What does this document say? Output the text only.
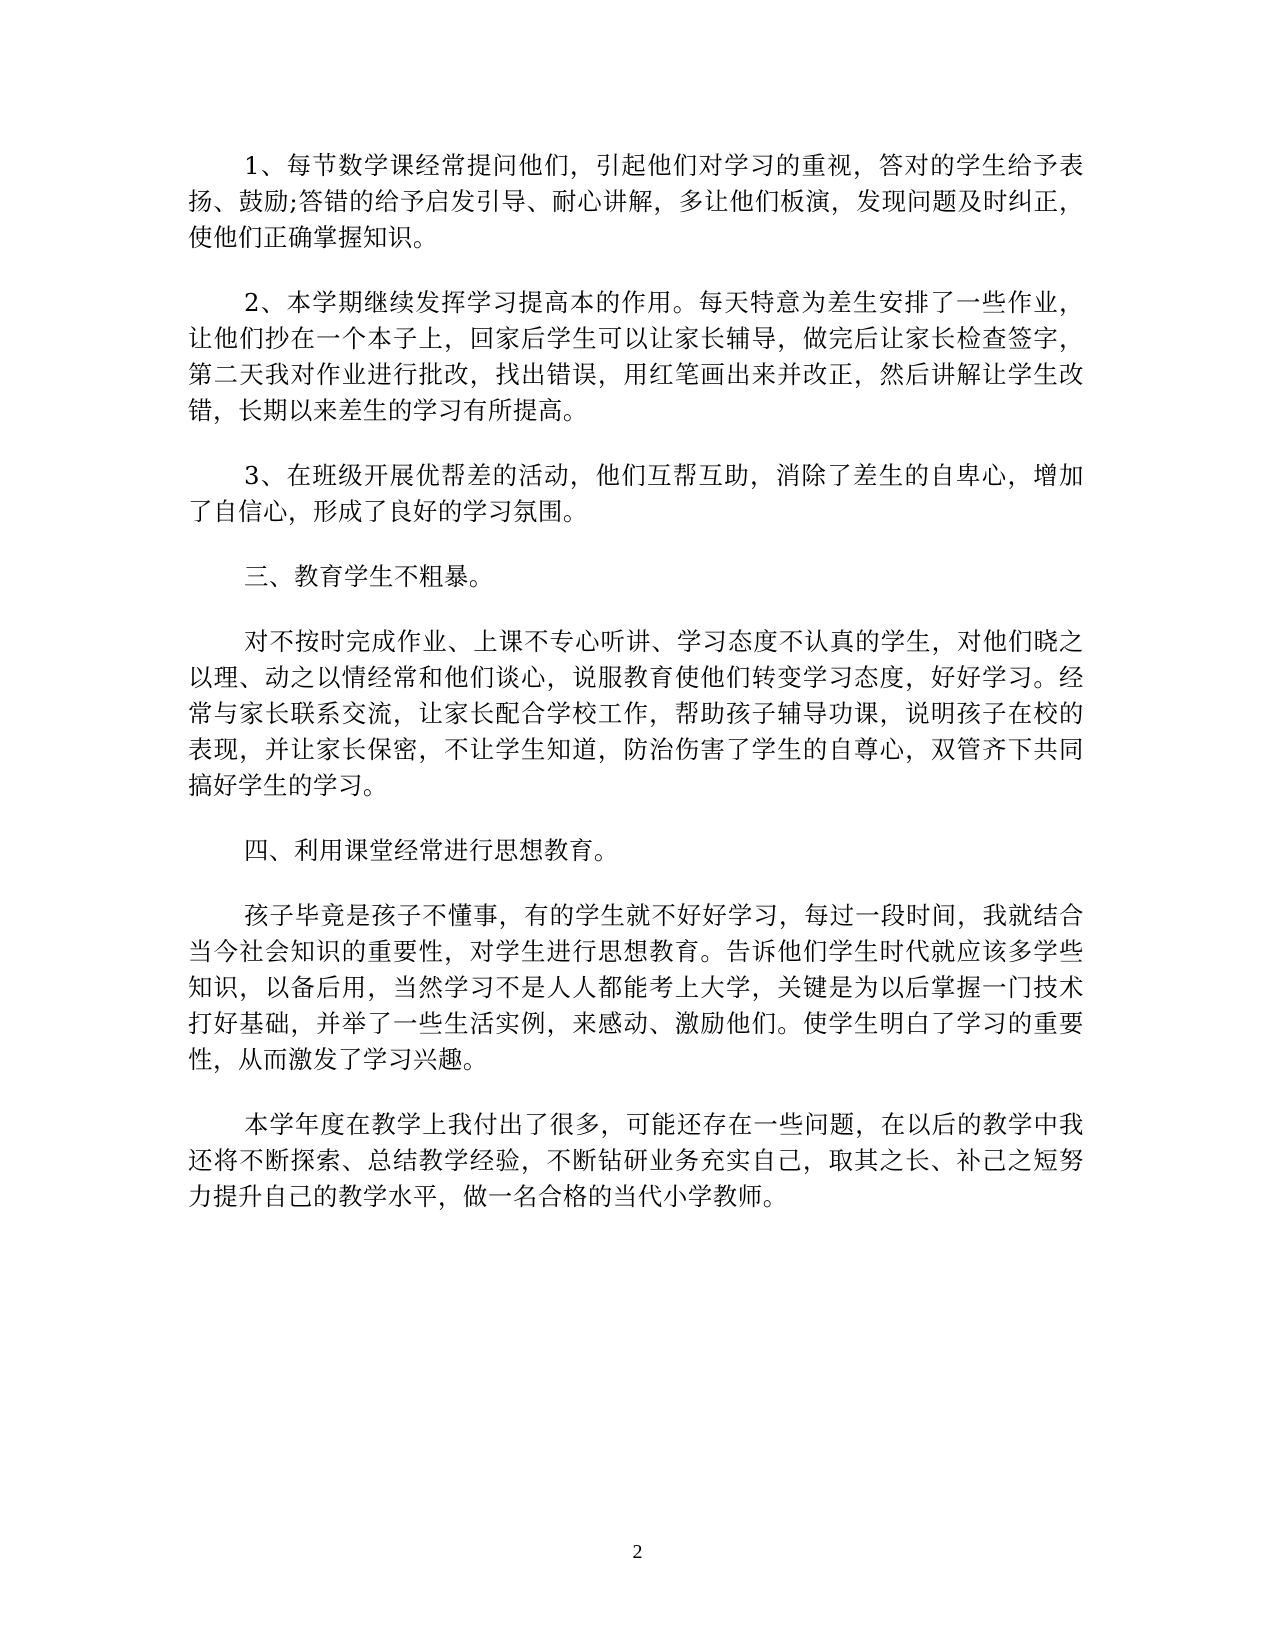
1、每节数学课经常提问他们，引起他们对学习的重视，答对的学生给予表扬、鼓励;答错的给予启发引导、耐心讲解，多让他们板演，发现问题及时纠正，使他们正确掌握知识。

2、本学期继续发挥学习提高本的作用。每天特意为差生安排了一些作业，让他们抄在一个本子上，回家后学生可以让家长辅导，做完后让家长检查签字，第二天我对作业进行批改，找出错误，用红笔画出来并改正，然后讲解让学生改错，长期以来差生的学习有所提高。

3、在班级开展优帮差的活动，他们互帮互助，消除了差生的自卑心，增加了自信心，形成了良好的学习氛围。

三、教育学生不粗暴。

对不按时完成作业、上课不专心听讲、学习态度不认真的学生，对他们晓之以理、动之以情经常和他们谈心，说服教育使他们转变学习态度，好好学习。经常与家长联系交流，让家长配合学校工作，帮助孩子辅导功课，说明孩子在校的表现，并让家长保密，不让学生知道，防治伤害了学生的自尊心，双管齐下共同搞好学生的学习。

四、利用课堂经常进行思想教育。

孩子毕竟是孩子不懂事，有的学生就不好好学习，每过一段时间，我就结合当今社会知识的重要性，对学生进行思想教育。告诉他们学生时代就应该多学些知识，以备后用，当然学习不是人人都能考上大学，关键是为以后掌握一门技术打好基础，并举了一些生活实例，来感动、激励他们。使学生明白了学习的重要性，从而激发了学习兴趣。

本学年度在教学上我付出了很多，可能还存在一些问题，在以后的教学中我还将不断探索、总结教学经验，不断钻研业务充实自己，取其之长、补己之短努力提升自己的教学水平，做一名合格的当代小学教师。

2
